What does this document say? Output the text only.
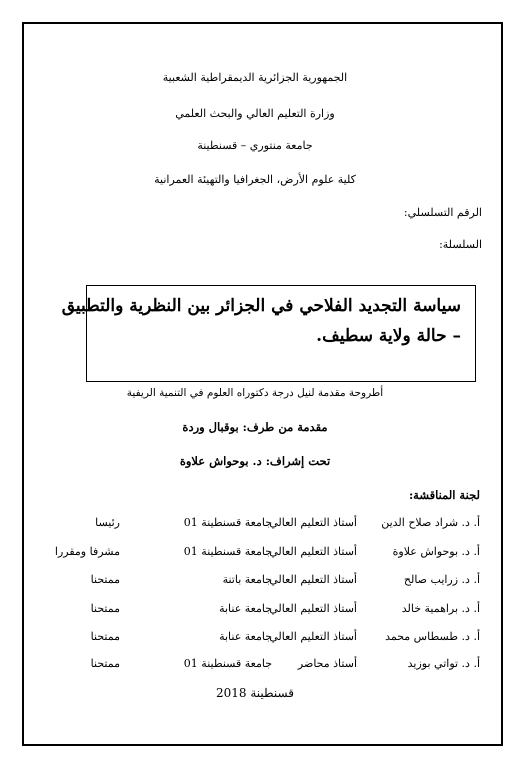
الجمهورية الجزائرية الديمقراطية الشعبية
وزارة التعليم العالي والبحث العلمي
جامعة منتوري – قسنطينة
كلية علوم الأرض، الجغرافيا والتهيئة العمرانية
الرقم التسلسلي:
السلسلة:
سياسة التجديد الفلاحي في الجزائر بين النظرية والتطبيق
– حالة ولاية سطيف.
أطروحة مقدمة لنيل درجة دكتوراه العلوم في التنمية الريفية
مقدمة من طرف: بوقبال وردة
تحت إشراف: د. بوحواش علاوة
لجنة المناقشة:
أ. د. شراد صلاح الدين
أستاذ التعليم العالي
جامعة قسنطينة 01
رئيسا
أ. د. بوحواش علاوة
أستاذ التعليم العالي
جامعة قسنطينة 01
مشرفا ومقررا
أ. د. زرايب صالح
أستاذ التعليم العالي
جامعة باتنة
ممتحنا
أ. د. براهمية خالد
أستاذ التعليم العالي
جامعة عنابة
ممتحنا
أ. د. طسطاس محمد
أستاذ التعليم العالي
جامعة عنابة
ممتحنا
أ. د. تواتي بوزيد
أستاذ محاضر
جامعة قسنطينة 01
ممتحنا
قسنطينة 2018
